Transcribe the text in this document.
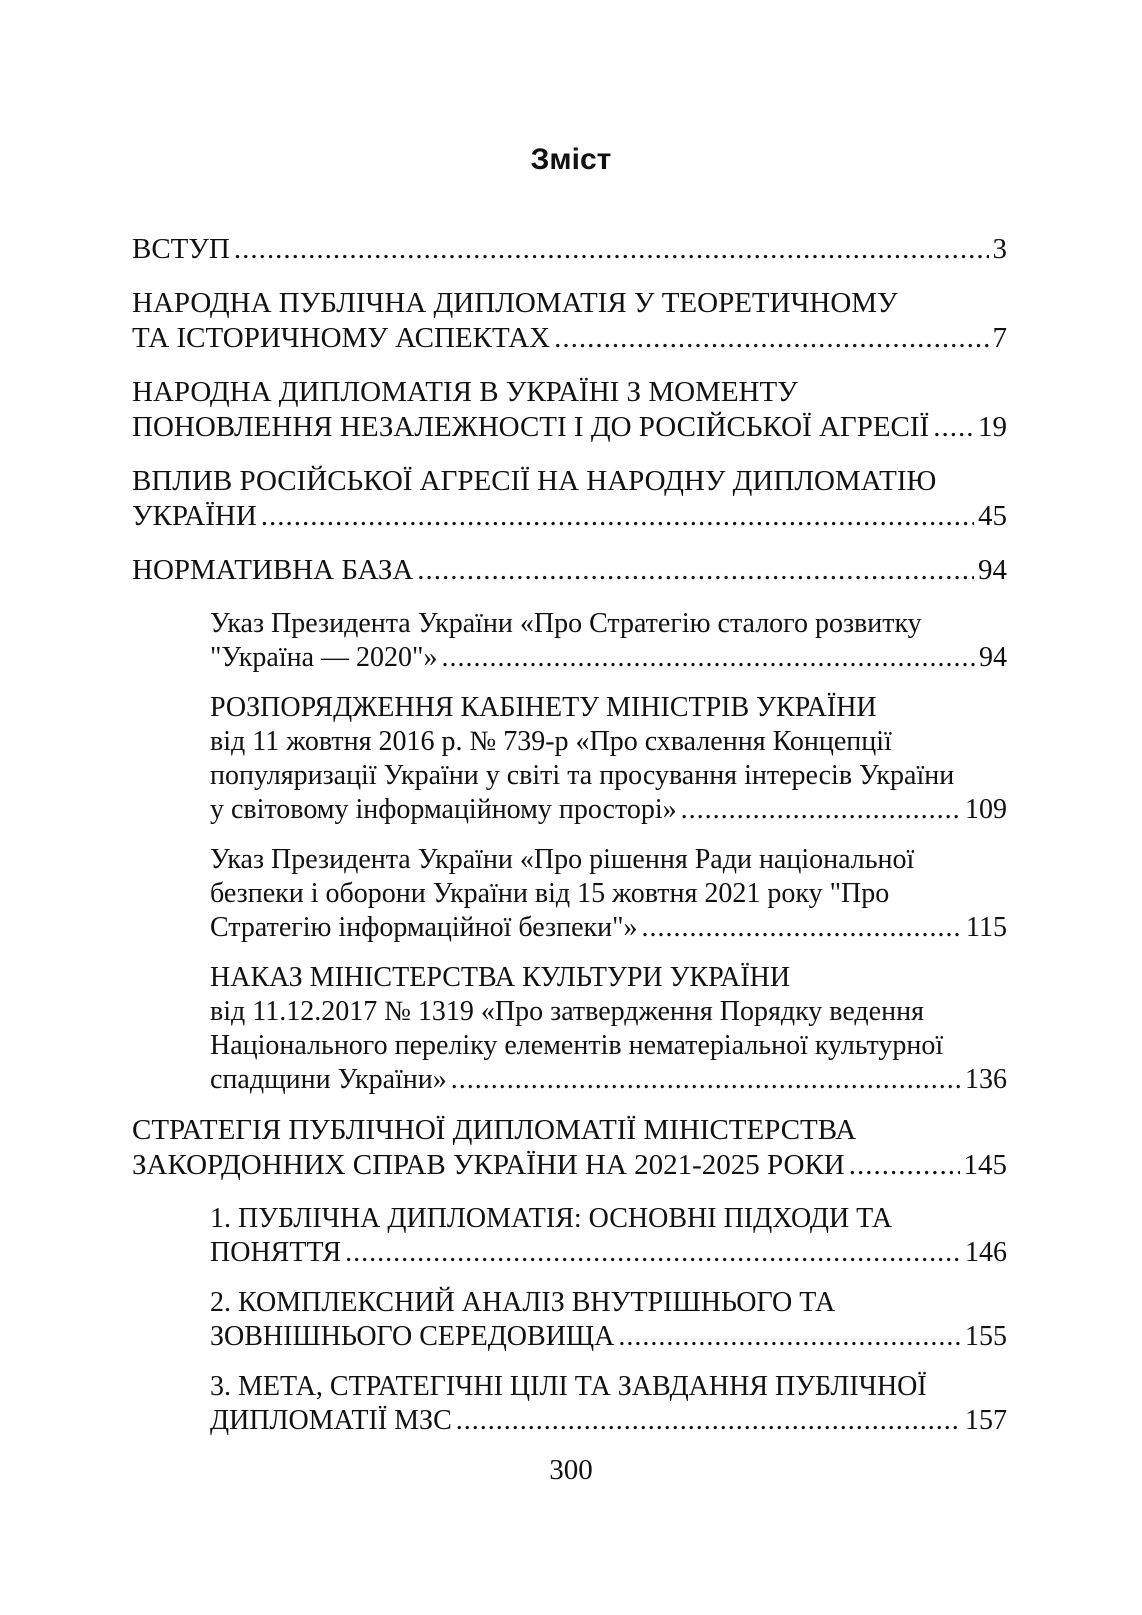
Зміст
ВСТУП .....	3
НАРОДНА ПУБЛІЧНА ДИПЛОМАТІЯ У ТЕОРЕТИЧНОМУ
ТА ІСТОРИЧНОМУ АСПЕКТАХ .....	7
НАРОДНА ДИПЛОМАТІЯ В УКРАЇНІ З МОМЕНТУ
ПОНОВЛЕННЯ НЕЗАЛЕЖНОСТІ І ДО РОСІЙСЬКОЇ АГРЕСІЇ ..... 19
ВПЛИВ РОСІЙСЬКОЇ АГРЕСІЇ НА НАРОДНУ ДИПЛОМАТІЮ
УКРАЇНИ .....	45
НОРМАТИВНА БАЗА .....	94
Указ Президента України «Про Стратегію сталого розвитку
"Україна — 2020"» .....	94
РОЗПОРЯДЖЕННЯ КАБІНЕТУ МІНІСТРІВ УКРАЇНИ
від 11 жовтня 2016 р. № 739-р «Про схвалення Концепції
популяризації України у світі та просування інтересів України
у світовому інформаційному просторі» .....	109
Указ Президента України «Про рішення Ради національної
безпеки і оборони України від 15 жовтня 2021 року "Про
Стратегію інформаційної безпеки"» .....	115
НАКАЗ МІНІСТЕРСТВА КУЛЬТУРИ УКРАЇНИ
від 11.12.2017 № 1319 «Про затвердження Порядку ведення
Національного переліку елементів нематеріальної культурної
спадщини України» .....	136
СТРАТЕГІЯ ПУБЛІЧНОЇ ДИПЛОМАТІЇ МІНІСТЕРСТВА
ЗАКОРДОННИХ СПРАВ УКРАЇНИ НА 2021-2025 РОКИ .....	145
1. ПУБЛІЧНА ДИПЛОМАТІЯ: ОСНОВНІ ПІДХОДИ ТА
ПОНЯТТЯ .....	146
2. КОМПЛЕКСНИЙ АНАЛІЗ ВНУТРІШНЬОГО ТА
ЗОВНІШНЬОГО СЕРЕДОВИЩА .....	155
3. МЕТА, СТРАТЕГІЧНІ ЦІЛІ ТА ЗАВДАННЯ ПУБЛІЧНОЇ
ДИПЛОМАТІЇ МЗС .....	157
300
